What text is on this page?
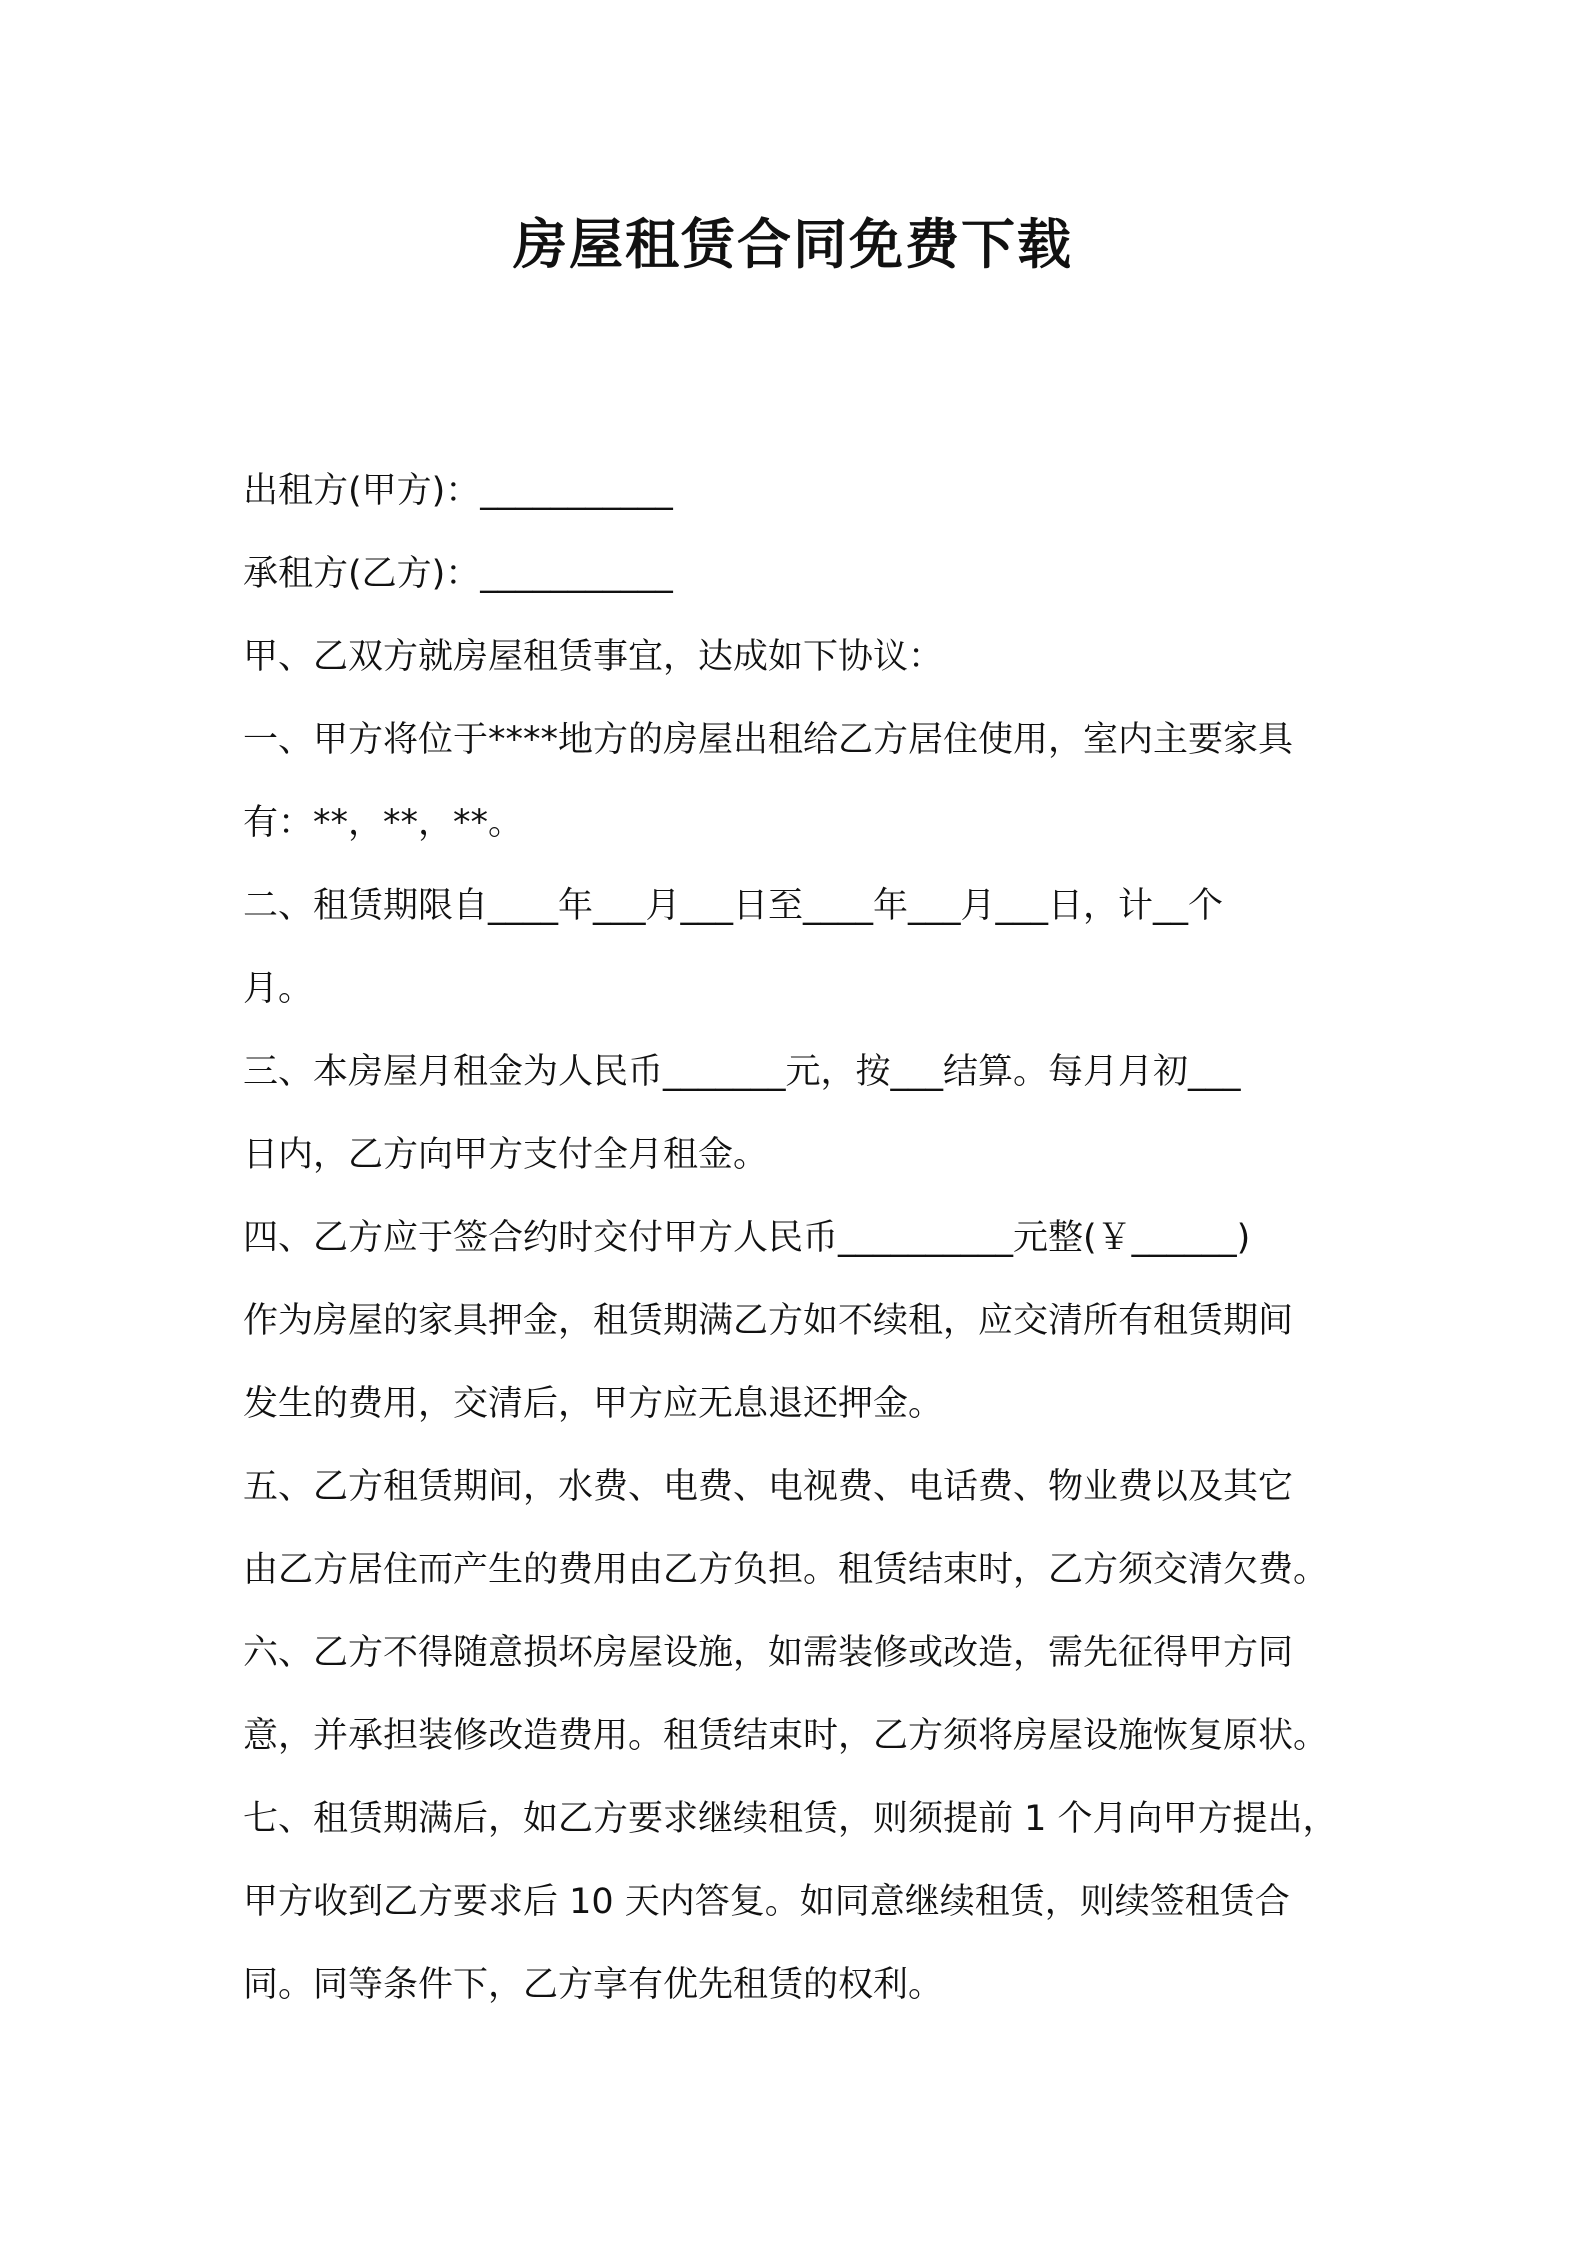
房屋租赁合同免费下载
出租方(甲方)：___________
承租方(乙方)：___________
甲、乙双方就房屋租赁事宜，达成如下协议：
一、甲方将位于****地方的房屋出租给乙方居住使用，室内主要家具
有：**，**，**。
二、租赁期限自____年___月___日至____年___月___日，计__个
月。
三、本房屋月租金为人民币_______元，按___结算。每月月初___
日内，乙方向甲方支付全月租金。
四、乙方应于签合约时交付甲方人民币__________元整(￥______)
作为房屋的家具押金，租赁期满乙方如不续租，应交清所有租赁期间
发生的费用，交清后，甲方应无息退还押金。
五、乙方租赁期间，水费、电费、电视费、电话费、物业费以及其它
由乙方居住而产生的费用由乙方负担。租赁结束时，乙方须交清欠费。
六、乙方不得随意损坏房屋设施，如需装修或改造，需先征得甲方同
意，并承担装修改造费用。租赁结束时，乙方须将房屋设施恢复原状。
七、租赁期满后，如乙方要求继续租赁，则须提前 1 个月向甲方提出，
甲方收到乙方要求后 10 天内答复。如同意继续租赁，则续签租赁合
同。同等条件下，乙方享有优先租赁的权利。
